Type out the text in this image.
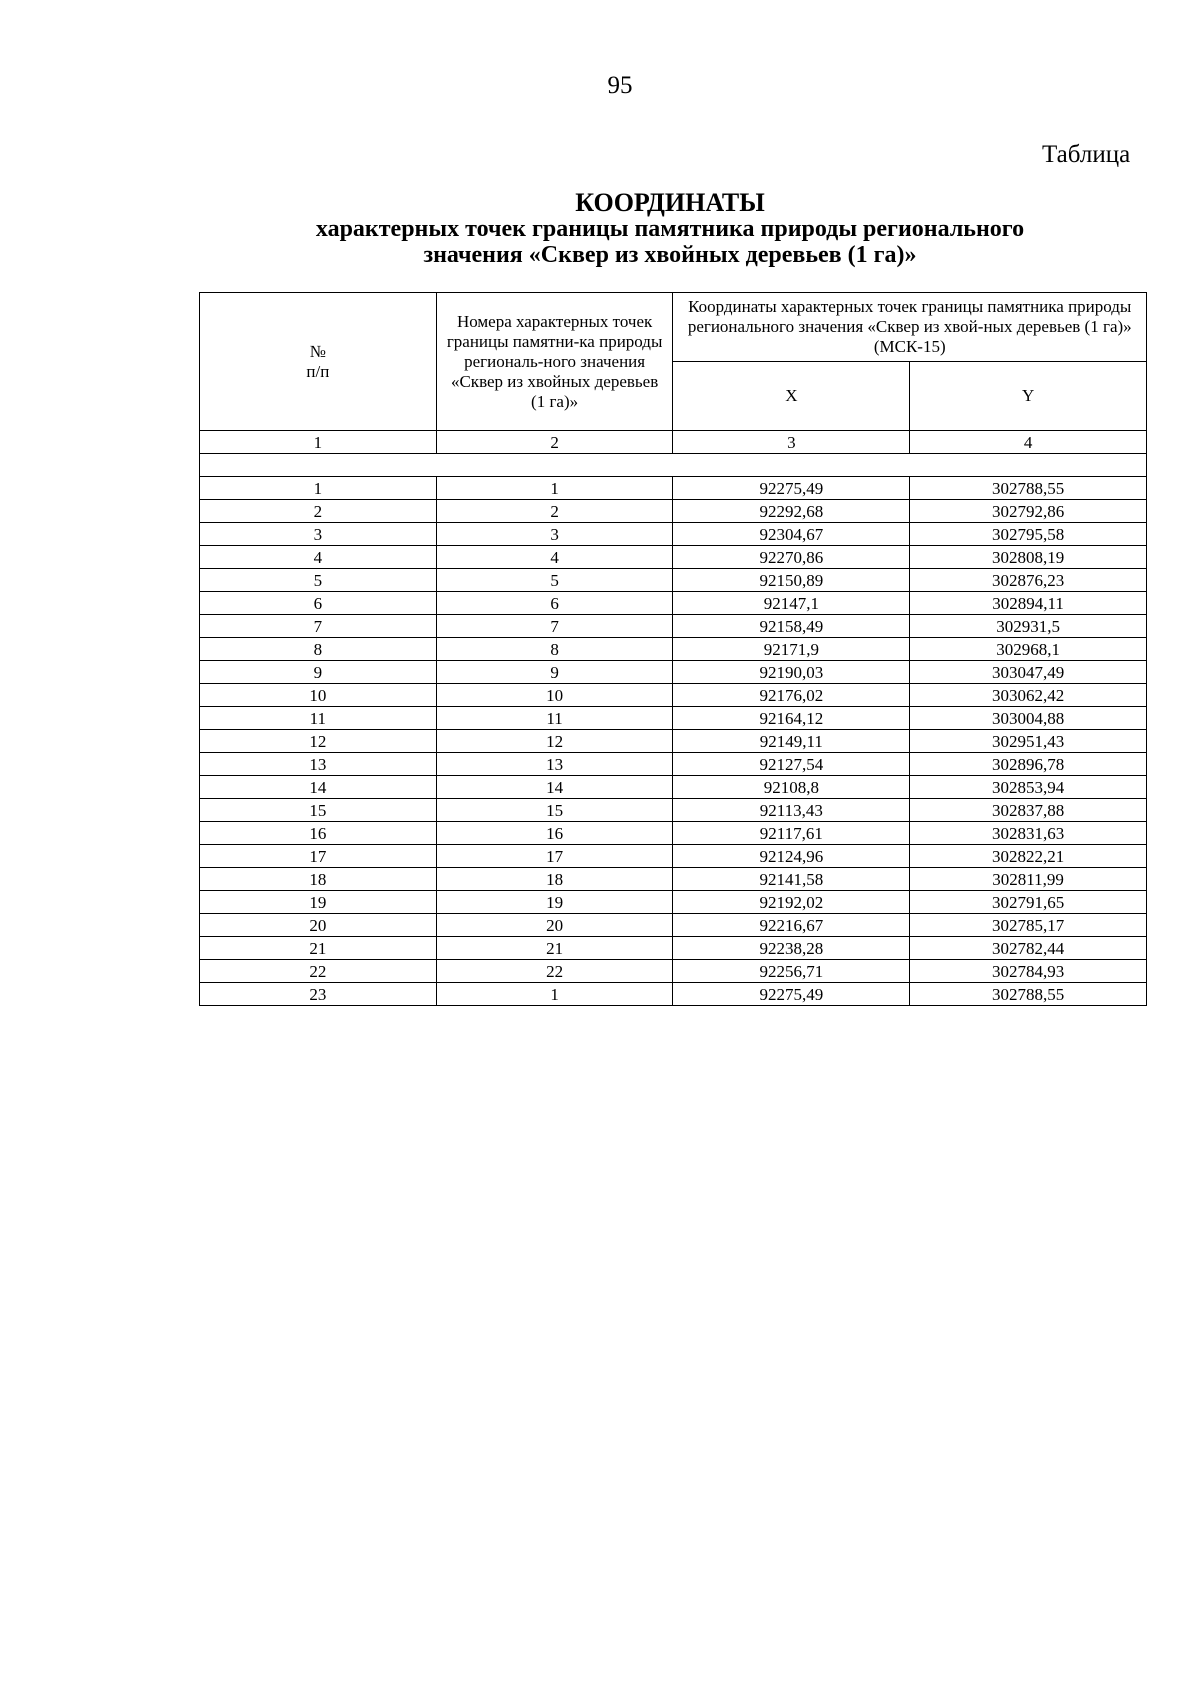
95
Таблица
КООРДИНАТЫ
характерных точек границы памятника природы регионального
значения «Сквер из хвойных деревьев (1 га)»
№
п/п	Номера характерных точек границы памятни-ка природы региональ-ного значения «Сквер из хвойных деревьев (1 га)»	Координаты характерных точек границы памятника природы регионального значения «Сквер из хвой-ных деревьев (1 га)» (МСК-15)	
		X	Y
1	2	3	4

1	1	92275,49	302788,55
2	2	92292,68	302792,86
3	3	92304,67	302795,58
4	4	92270,86	302808,19
5	5	92150,89	302876,23
6	6	92147,1	302894,11
7	7	92158,49	302931,5
8	8	92171,9	302968,1
9	9	92190,03	303047,49
10	10	92176,02	303062,42
11	11	92164,12	303004,88
12	12	92149,11	302951,43
13	13	92127,54	302896,78
14	14	92108,8	302853,94
15	15	92113,43	302837,88
16	16	92117,61	302831,63
17	17	92124,96	302822,21
18	18	92141,58	302811,99
19	19	92192,02	302791,65
20	20	92216,67	302785,17
21	21	92238,28	302782,44
22	22	92256,71	302784,93
23	1	92275,49	302788,55
